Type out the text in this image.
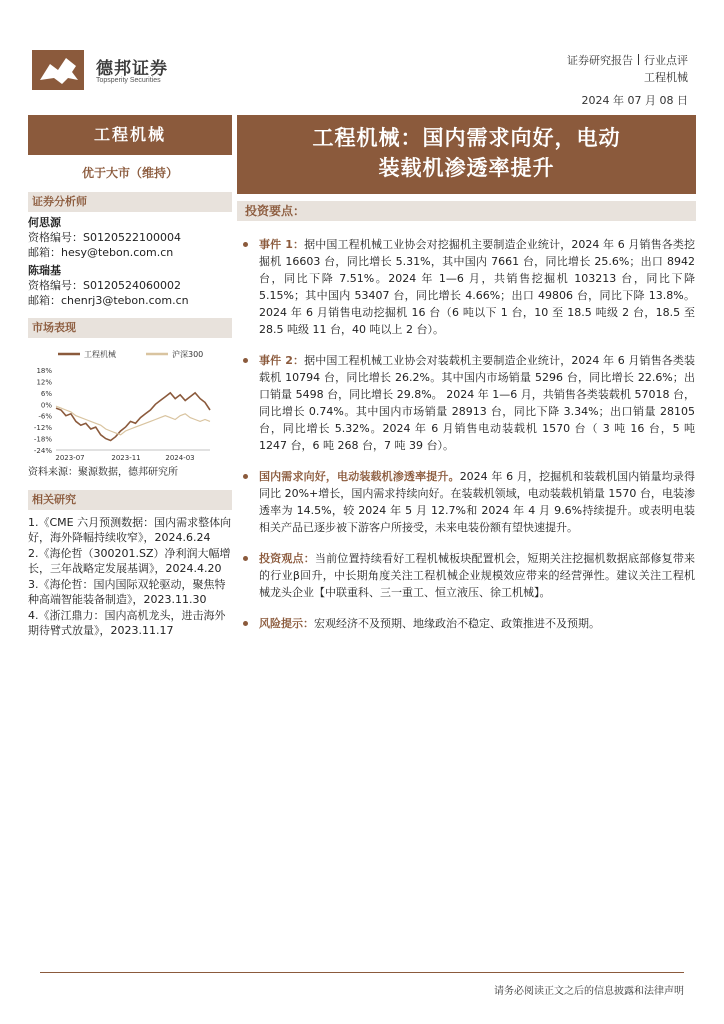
德邦证券
Topsperity Securities
证券研究报告 行业点评
工程机械
2024 年 07 月 08 日
工程机械
优于大市（维持）
证券分析师
何思源
资格编号：S0120522100004
邮箱：hesy@tebon.com.cn
陈瑞基
资格编号：S0120524060002
邮箱：chenrj3@tebon.com.cn
市场表现
工程机械	沪深300
18%
12%
6%
0%
-6%
-12%
-18%
-24%
2023-07	2023-11	2024-03
资料来源：聚源数据，德邦研究所
相关研究
1.《CME 六月预测数据：国内需求整体向好，海外降幅持续收窄》，2024.6.24
2.《海伦哲（300201.SZ）净利润大幅增长，三年战略定发展基调》，2024.4.20
3.《海伦哲：国内国际双轮驱动，聚焦特种高端智能装备制造》，2023.11.30
4.《浙江鼎力：国内高机龙头，进击海外期待臂式放量》，2023.11.17
工程机械：国内需求向好，电动
装载机渗透率提升
投资要点：
事件 1：据中国工程机械工业协会对挖掘机主要制造企业统计，2024 年 6 月销售各类挖掘机 16603 台，同比增长 5.31%，其中国内 7661 台，同比增长 25.6%；出口 8942 台，同比下降 7.51%。2024 年 1—6 月，共销售挖掘机 103213 台，同比下降 5.15%；其中国内 53407 台，同比增长 4.66%；出口 49806 台，同比下降 13.8%。2024 年 6 月销售电动挖掘机 16 台（6 吨以下 1 台，10 至 18.5 吨级 2 台，18.5 至 28.5 吨级 11 台，40 吨以上 2 台）。
事件 2：据中国工程机械工业协会对装载机主要制造企业统计，2024 年 6 月销售各类装载机 10794 台，同比增长 26.2%。其中国内市场销量 5296 台，同比增长 22.6%；出口销量 5498 台，同比增长 29.8%。 2024 年 1—6 月，共销售各类装载机 57018 台，同比增长 0.74%。其中国内市场销量 28913 台，同比下降 3.34%；出口销量 28105 台，同比增长 5.32%。2024 年 6 月销售电动装载机 1570 台（ 3 吨 16 台，5 吨 1247 台，6 吨 268 台，7 吨 39 台）。
国内需求向好，电动装载机渗透率提升。2024 年 6 月，挖掘机和装载机国内销量均录得同比 20%+增长，国内需求持续向好。在装载机领域，电动装载机销量 1570 台，电装渗透率为 14.5%，较 2024 年 5 月 12.7%和 2024 年 4 月 9.6%持续提升。或表明电装相关产品已逐步被下游客户所接受，未来电装份额有望快速提升。
投资观点：当前位置持续看好工程机械板块配置机会，短期关注挖掘机数据底部修复带来的行业β回升，中长期角度关注工程机械企业规模效应带来的经营弹性。建议关注工程机械龙头企业【中联重科、三一重工、恒立液压、徐工机械】。
风险提示：宏观经济不及预期、地缘政治不稳定、政策推进不及预期。
请务必阅读正文之后的信息披露和法律声明
